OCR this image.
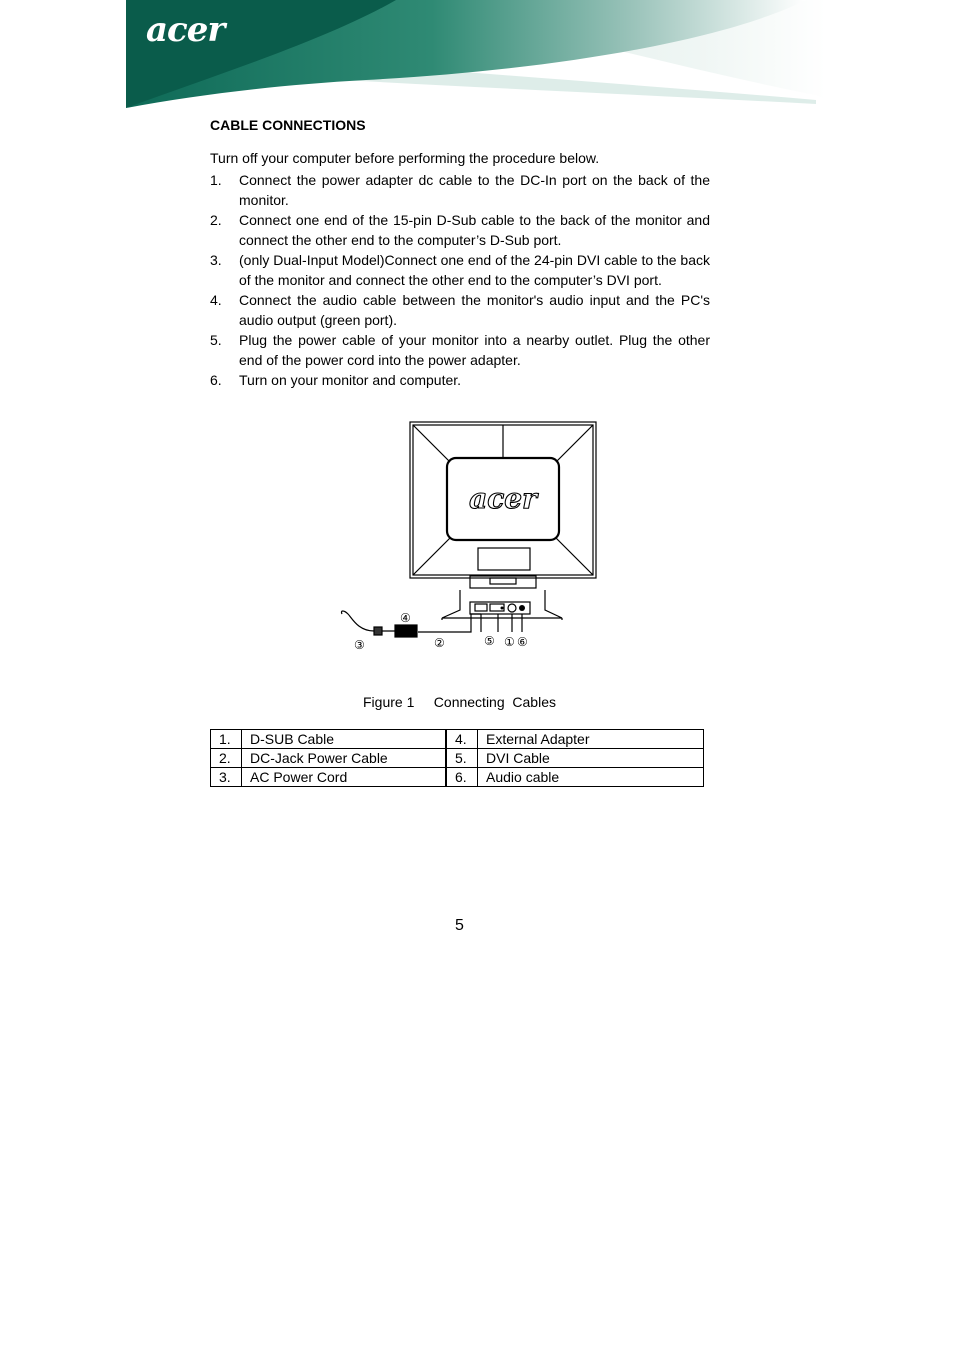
acer
CABLE CONNECTIONS
Turn off your computer before performing the procedure below.
1. Connect the power adapter dc cable to the DC-In port on the back of the monitor.
2. Connect one end of the 15-pin D-Sub cable to the back of the monitor and connect the other end to the computer’s D-Sub port.
3. (only Dual-Input Model)Connect one end of the 24-pin DVI cable to the back of the monitor and connect the other end to the computer’s DVI port.
4. Connect the audio cable between the monitor's audio input and the PC's audio output (green port).
5. Plug the power cable of your monitor into a nearby outlet. Plug the other end of the power cord into the power adapter.
6. Turn on your monitor and computer.
acer
④
③	②	⑤ ① ⑥
Figure 1     Connecting  Cables
1.	D-SUB Cable	4.	External Adapter
2.	DC-Jack Power Cable	5.	DVI Cable
3.	AC Power Cord	6.	Audio cable
5
